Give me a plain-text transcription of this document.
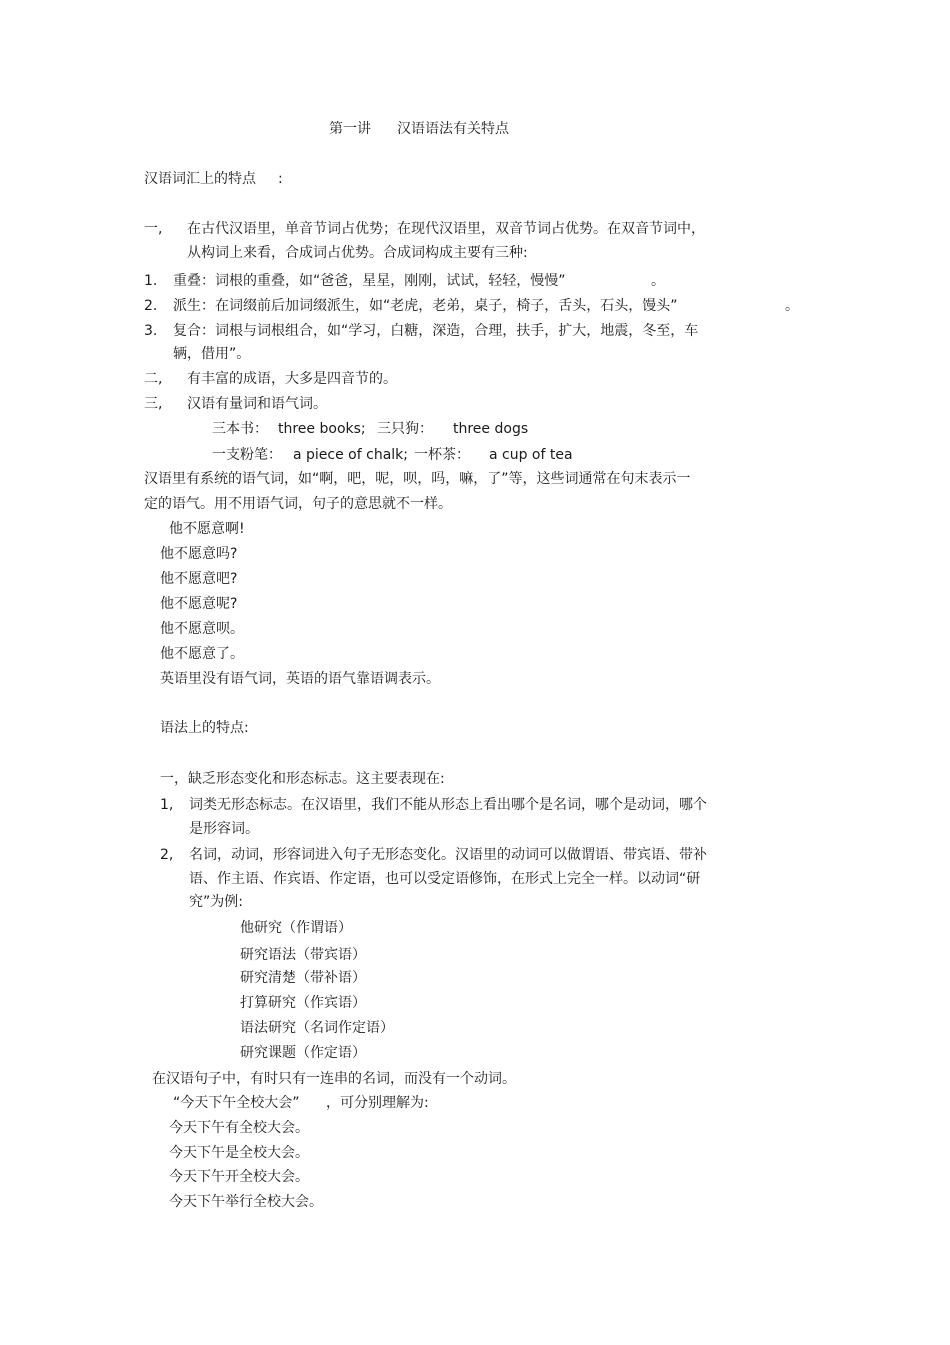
第一讲 汉语语法有关特点
汉语词汇上的特点 :
一, 在古代汉语里，单音节词占优势；在现代汉语里，双音节词占优势。在双音节词中，
从构词上来看，合成词占优势。合成词构成主要有三种:
1. 重叠：词根的重叠，如“爸爸，星星，刚刚，试试，轻轻，慢慢”	。
2. 派生：在词缀前后加词缀派生，如“老虎，老弟，桌子，椅子，舌头，石头，馒头”	。
3. 复合：词根与词根组合，如“学习，白糖，深造，合理，扶手，扩大，地震，冬至，车
辆，借用”。
二, 有丰富的成语，大多是四音节的。
三, 汉语有量词和语气词。
三本书： three books; 三只狗： three dogs
一支粉笔： a piece of chalk; 一杯茶： a cup of tea
汉语里有系统的语气词，如“啊，吧，呢，呗，吗，嘛，了”等，这些词通常在句末表示一
定的语气。用不用语气词，句子的意思就不一样。
他不愿意啊!
他不愿意吗?
他不愿意吧?
他不愿意呢?
他不愿意呗。
他不愿意了。
英语里没有语气词，英语的语气靠语调表示。
语法上的特点:
一，缺乏形态变化和形态标志。这主要表现在:
1, 词类无形态标志。在汉语里，我们不能从形态上看出哪个是名词，哪个是动词，哪个
是形容词。
2, 名词，动词，形容词进入句子无形态变化。汉语里的动词可以做谓语、带宾语、带补
语、作主语、作宾语、作定语，也可以受定语修饰，在形式上完全一样。以动词“研
究”为例:
他研究（作谓语）
研究语法（带宾语）
研究清楚（带补语）
打算研究（作宾语）
语法研究（名词作定语）
研究课题（作定语）
在汉语句子中，有时只有一连串的名词，而没有一个动词。
“今天下午全校大会” ，可分别理解为:
今天下午有全校大会。
今天下午是全校大会。
今天下午开全校大会。
今天下午举行全校大会。
